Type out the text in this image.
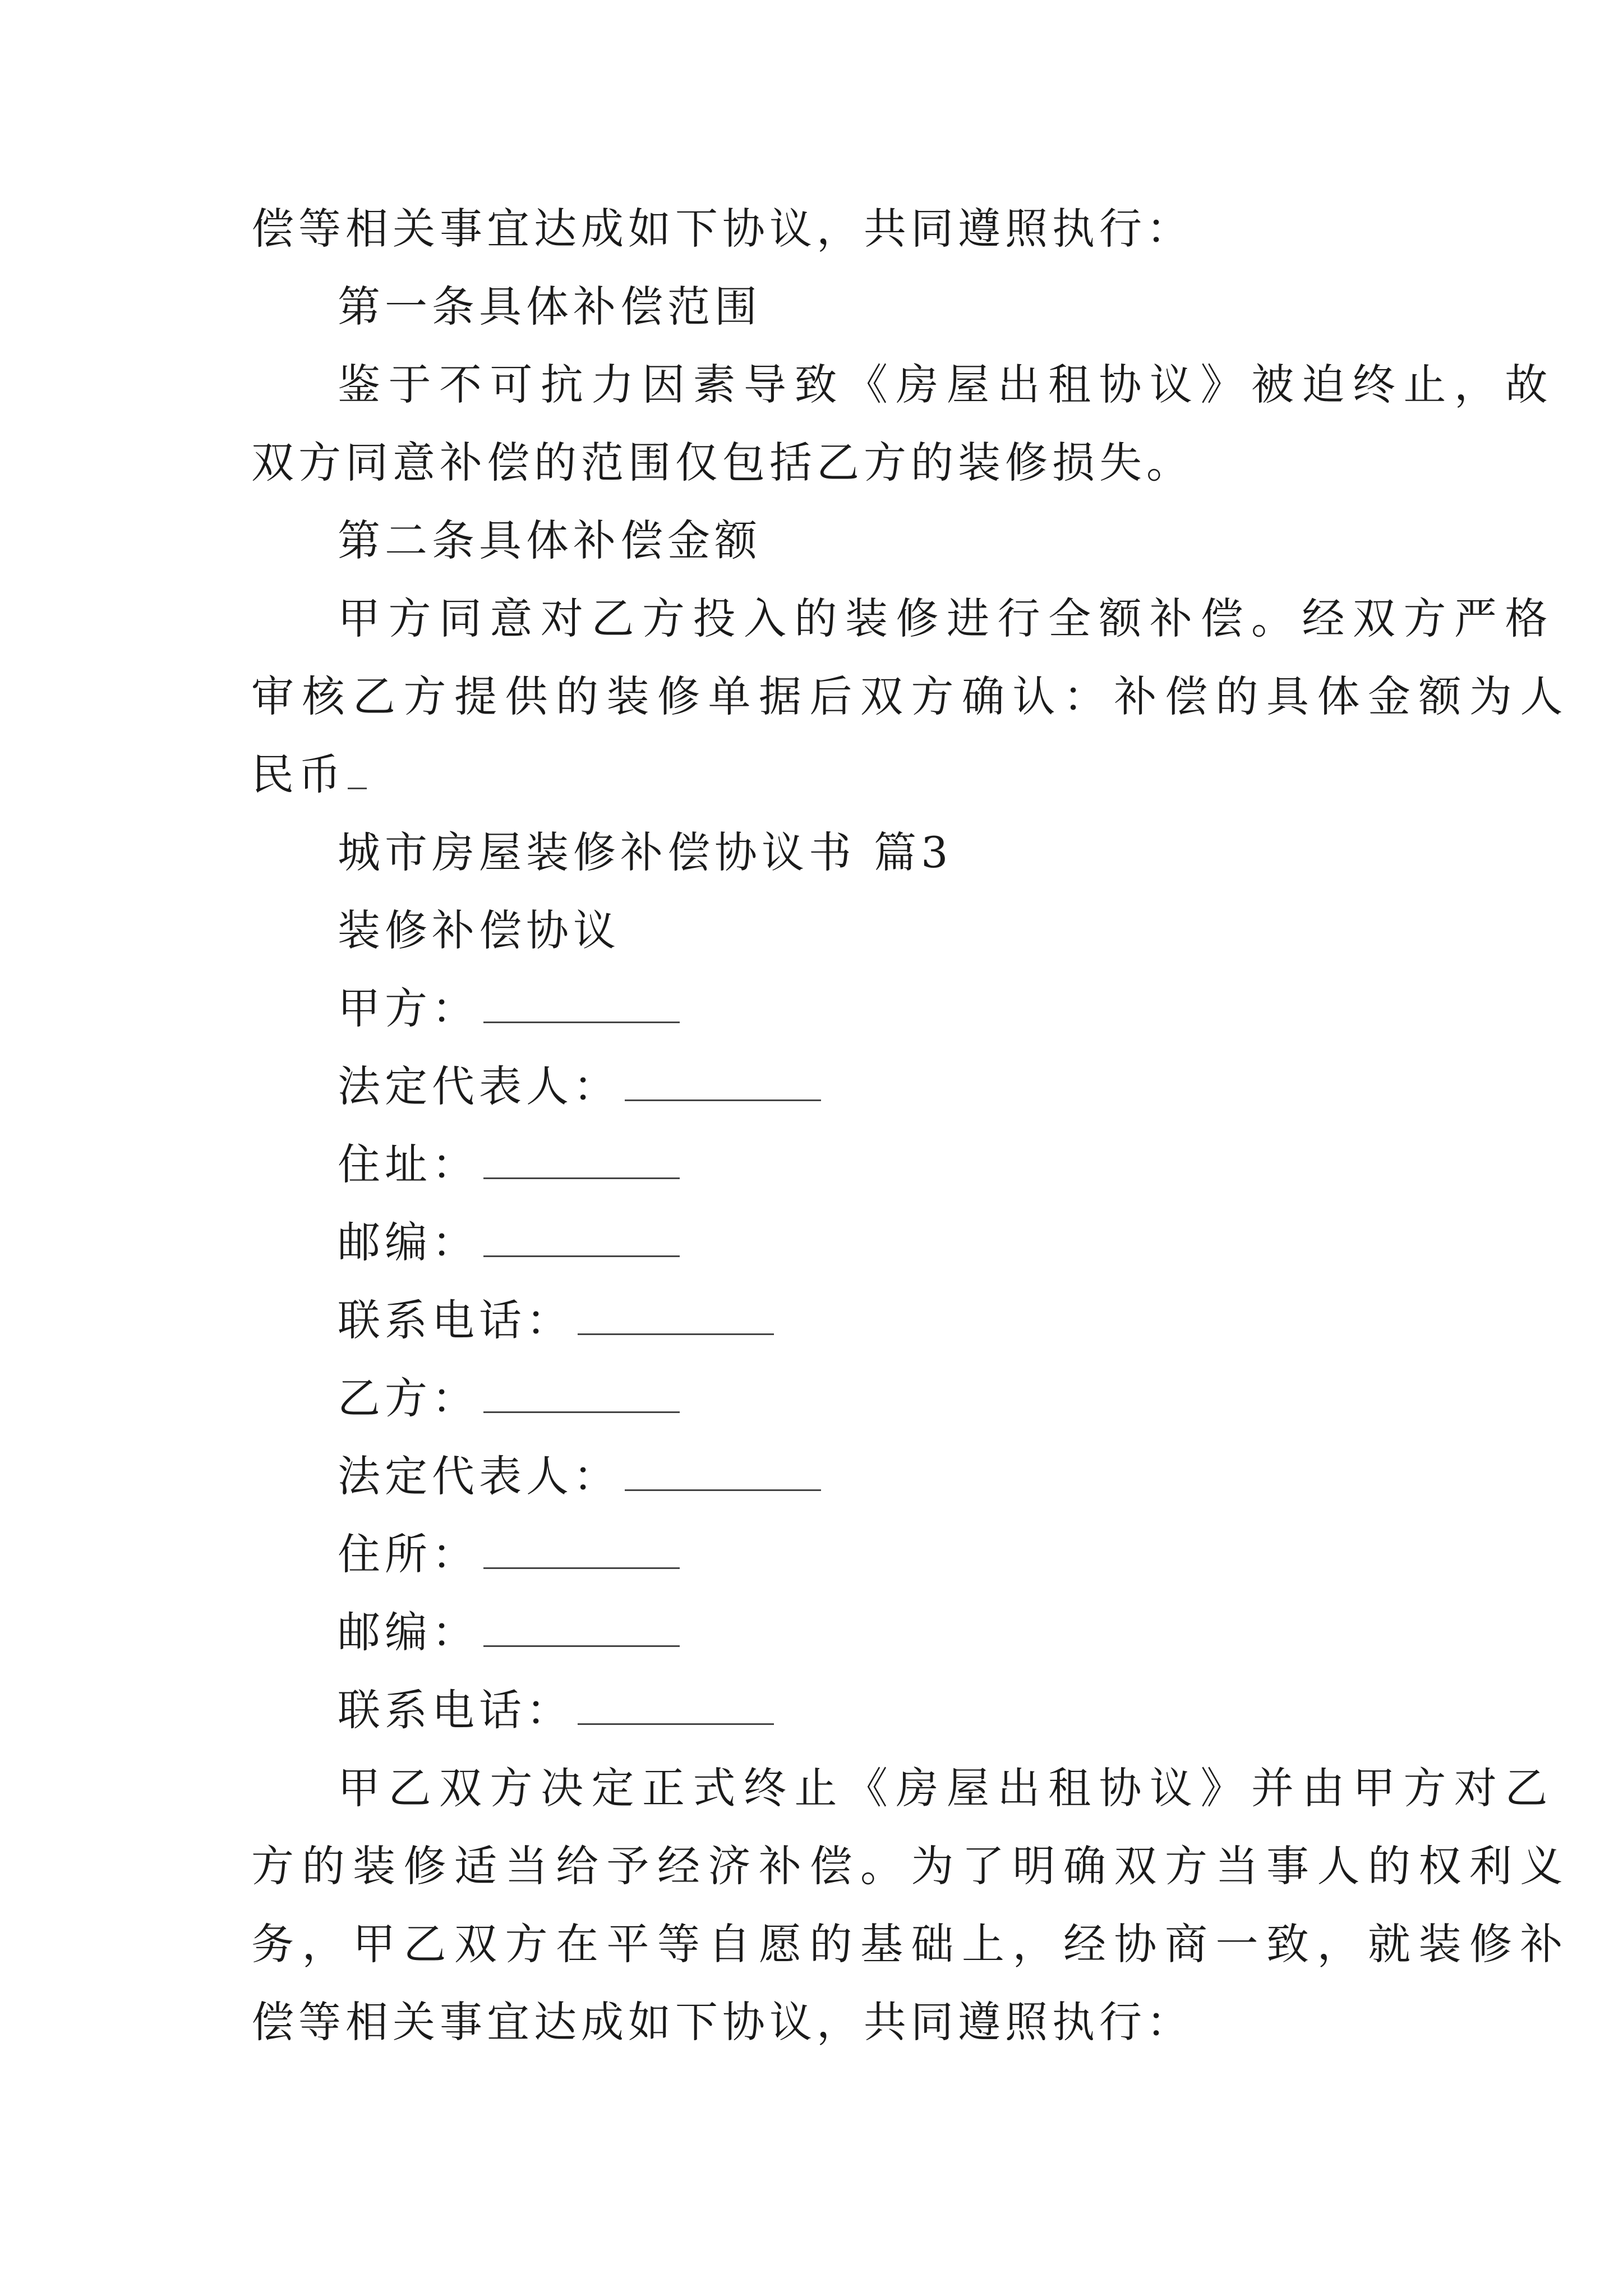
偿等相关事宜达成如下协议，共同遵照执行：

第一条具体补偿范围

鉴于不可抗力因素导致《房屋出租协议》被迫终止，故

双方同意补偿的范围仅包括乙方的装修损失。

第二条具体补偿金额

甲方同意对乙方投入的装修进行全额补偿。经双方严格

审核乙方提供的装修单据后双方确认：补偿的具体金额为人

民币

城市房屋装修补偿协议书 篇3

装修补偿协议

甲方：

法定代表人：

住址：

邮编：

联系电话：

乙方：

法定代表人：

住所：

邮编：

联系电话：

甲乙双方决定正式终止《房屋出租协议》并由甲方对乙

方的装修适当给予经济补偿。为了明确双方当事人的权利义

务，甲乙双方在平等自愿的基础上，经协商一致，就装修补

偿等相关事宜达成如下协议，共同遵照执行：
